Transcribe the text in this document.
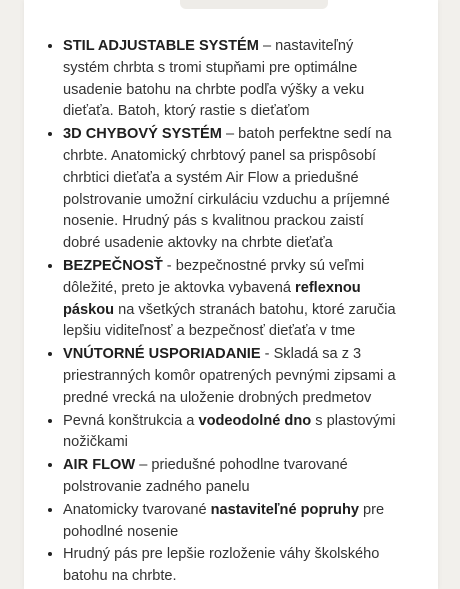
• STIL ADJUSTABLE SYSTÉM – nastaviteľný systém chrbta s tromi stupňami pre optimálne usadenie batohu na chrbte podľa výšky a veku dieťaťa. Batoh, ktorý rastie s dieťaťom
• 3D CHYBOVÝ SYSTÉM – batoh perfektne sedí na chrbte. Anatomický chrbtový panel sa prispôsobí chrbtici dieťaťa a systém Air Flow a priedušné polstrovanie umožní cirkuláciu vzduchu a príjemné nosenie. Hrudný pás s kvalitnou prackou zaistí dobré usadenie aktovky na chrbte dieťaťa
• BEZPEČNOSŤ - bezpečnostné prvky sú veľmi dôležité, preto je aktovka vybavená reflexnou páskou na všetkých stranách batohu, ktoré zaručia lepšiu viditeľnosť a bezpečnosť dieťaťa v tme
• VNÚTORNÉ USPORIADANIE - Skladá sa z 3 priestranných komôr opatrených pevnými zipsami a predné vrecká na uloženie drobných predmetov
• Pevná konštrukcia a vodeodolné dno s plastovými nožičkami
• AIR FLOW – priedušné pohodlne tvarované polstrovanie zadného panelu
• Anatomicky tvarované nastaviteľné popruhy pre pohodlné nosenie
• Hrudný pás pre lepšie rozloženie váhy školského batohu na chrbte.
